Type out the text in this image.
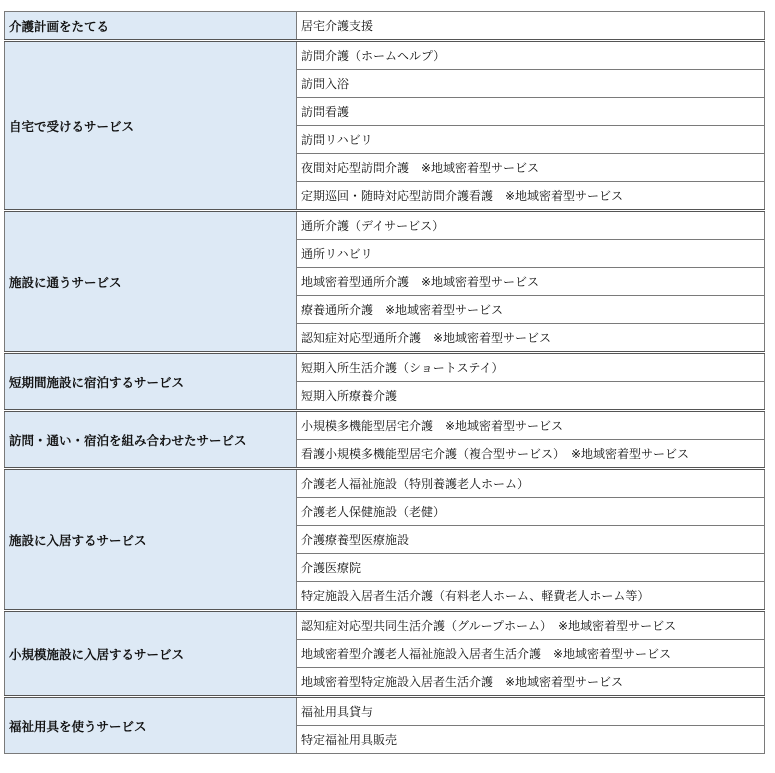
介護計画をたてる	居宅介護支援
自宅で受けるサービス	訪問介護（ホームヘルプ）
	訪問入浴
	訪問看護
	訪問リハビリ
	夜間対応型訪問介護　※地域密着型サービス
	定期巡回・随時対応型訪問介護看護　※地域密着型サービス
施設に通うサービス	通所介護（デイサービス）
	通所リハビリ
	地域密着型通所介護　※地域密着型サービス
	療養通所介護　※地域密着型サービス
	認知症対応型通所介護　※地域密着型サービス
短期間施設に宿泊するサービス	短期入所生活介護（ショートステイ）
	短期入所療養介護
訪問・通い・宿泊を組み合わせたサービス	小規模多機能型居宅介護　※地域密着型サービス
	看護小規模多機能型居宅介護（複合型サービス）　※地域密着型サービス
施設に入居するサービス	介護老人福祉施設（特別養護老人ホーム）
	介護老人保健施設（老健）
	介護療養型医療施設
	介護医療院
	特定施設入居者生活介護（有料老人ホーム、軽費老人ホーム等）
小規模施設に入居するサービス	認知症対応型共同生活介護（グループホーム）　※地域密着型サービス
	地域密着型介護老人福祉施設入居者生活介護　※地域密着型サービス
	地域密着型特定施設入居者生活介護　※地域密着型サービス
福祉用具を使うサービス	福祉用具貸与
	特定福祉用具販売
